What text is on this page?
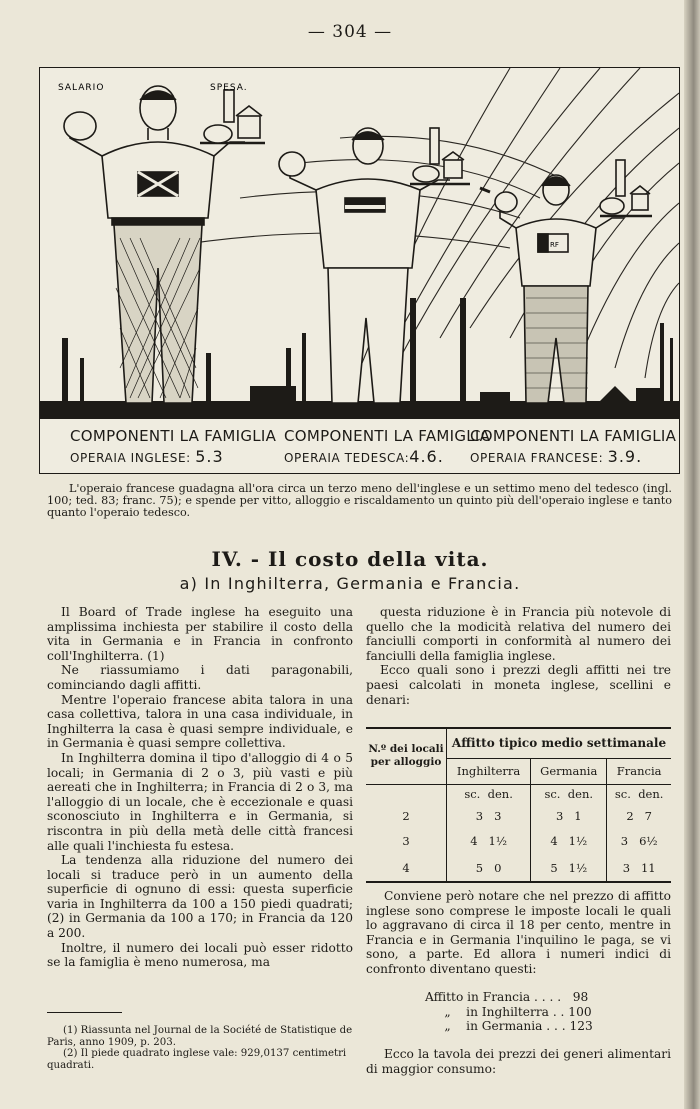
— 304 —
SALARIO	SPESA.
RF
COMPONENTI LA FAMIGLIA
OPERAIA INGLESE: 5.3
COMPONENTI LA FAMIGLIA
OPERAIA TEDESCA:4.6.
COMPONENTI LA FAMIGLIA
OPERAIA FRANCESE: 3.9.

L'operaio francese guadagna all'ora circa un terzo meno dell'inglese e un settimo meno del tedesco (ingl. 100; ted. 83; franc. 75); e spende per vitto, alloggio e riscaldamento un quinto più dell'operaio inglese e tanto quanto l'operaio tedesco.

IV. - Il costo della vita.
a) In Inghilterra, Germania e Francia.

Il Board of Trade inglese ha eseguito una amplissima inchiesta per stabilire il costo della vita in Germania e in Francia in confronto coll'Inghilterra. (1)

Ne riassumiamo i dati paragonabili, cominciando dagli affitti.

Mentre l'operaio francese abita talora in una casa collettiva, talora in una casa individuale, in Inghilterra la casa è quasi sempre individuale, e in Germania è quasi sempre collettiva.

In Inghilterra domina il tipo d'alloggio di 4 o 5 locali; in Germania di 2 o 3, più vasti e più aereati che in Inghilterra; in Francia di 2 o 3, ma l'alloggio di un locale, che è eccezionale e quasi sconosciuto in Inghilterra e in Germania, si riscontra in più della metà delle città francesi alle quali l'inchiesta fu estesa.

La tendenza alla riduzione del numero dei locali si traduce però in un aumento della superficie di ognuno di essi: questa superficie varia in Inghilterra da 100 a 150 piedi quadrati; (2) in Germania da 100 a 170; in Francia da 120 a 200.

Inoltre, il numero dei locali può esser ridotto se la famiglia è meno numerosa, ma

(1) Riassunta nel Journal de la Société de Statistique de Paris, anno 1909, p. 203.

(2) Il piede quadrato inglese vale: 929,0137 centimetri quadrati.

questa riduzione è in Francia più notevole di quello che la modicità relativa del numero dei fanciulli comporti in conformità al numero dei fanciulli della famiglia inglese.

Ecco quali sono i prezzi degli affitti nei tre paesi calcolati in moneta inglese, scellini e denari:

N.º dei locali per alloggio	Affitto tipico medio settimanale		
	Inghilterra	Germania	Francia
	sc. den.	sc. den.	sc. den.
2	3 3	3 1	2 7
3	4 1½	4 1½	3 6½
4	5 0	5 1½	3 11

Conviene però notare che nel prezzo di affitto inglese sono comprese le imposte locali le quali lo aggravano di circa il 18 per cento, mentre in Francia e in Germania l'inquilino le paga, se vi sono, a parte. Ed allora i numeri indici di confronto diventano questi:

Affitto in Francia . . . .   98
„    in Inghilterra . . 100
„    in Germania . . . 123

Ecco la tavola dei prezzi dei generi alimentari di maggior consumo:
